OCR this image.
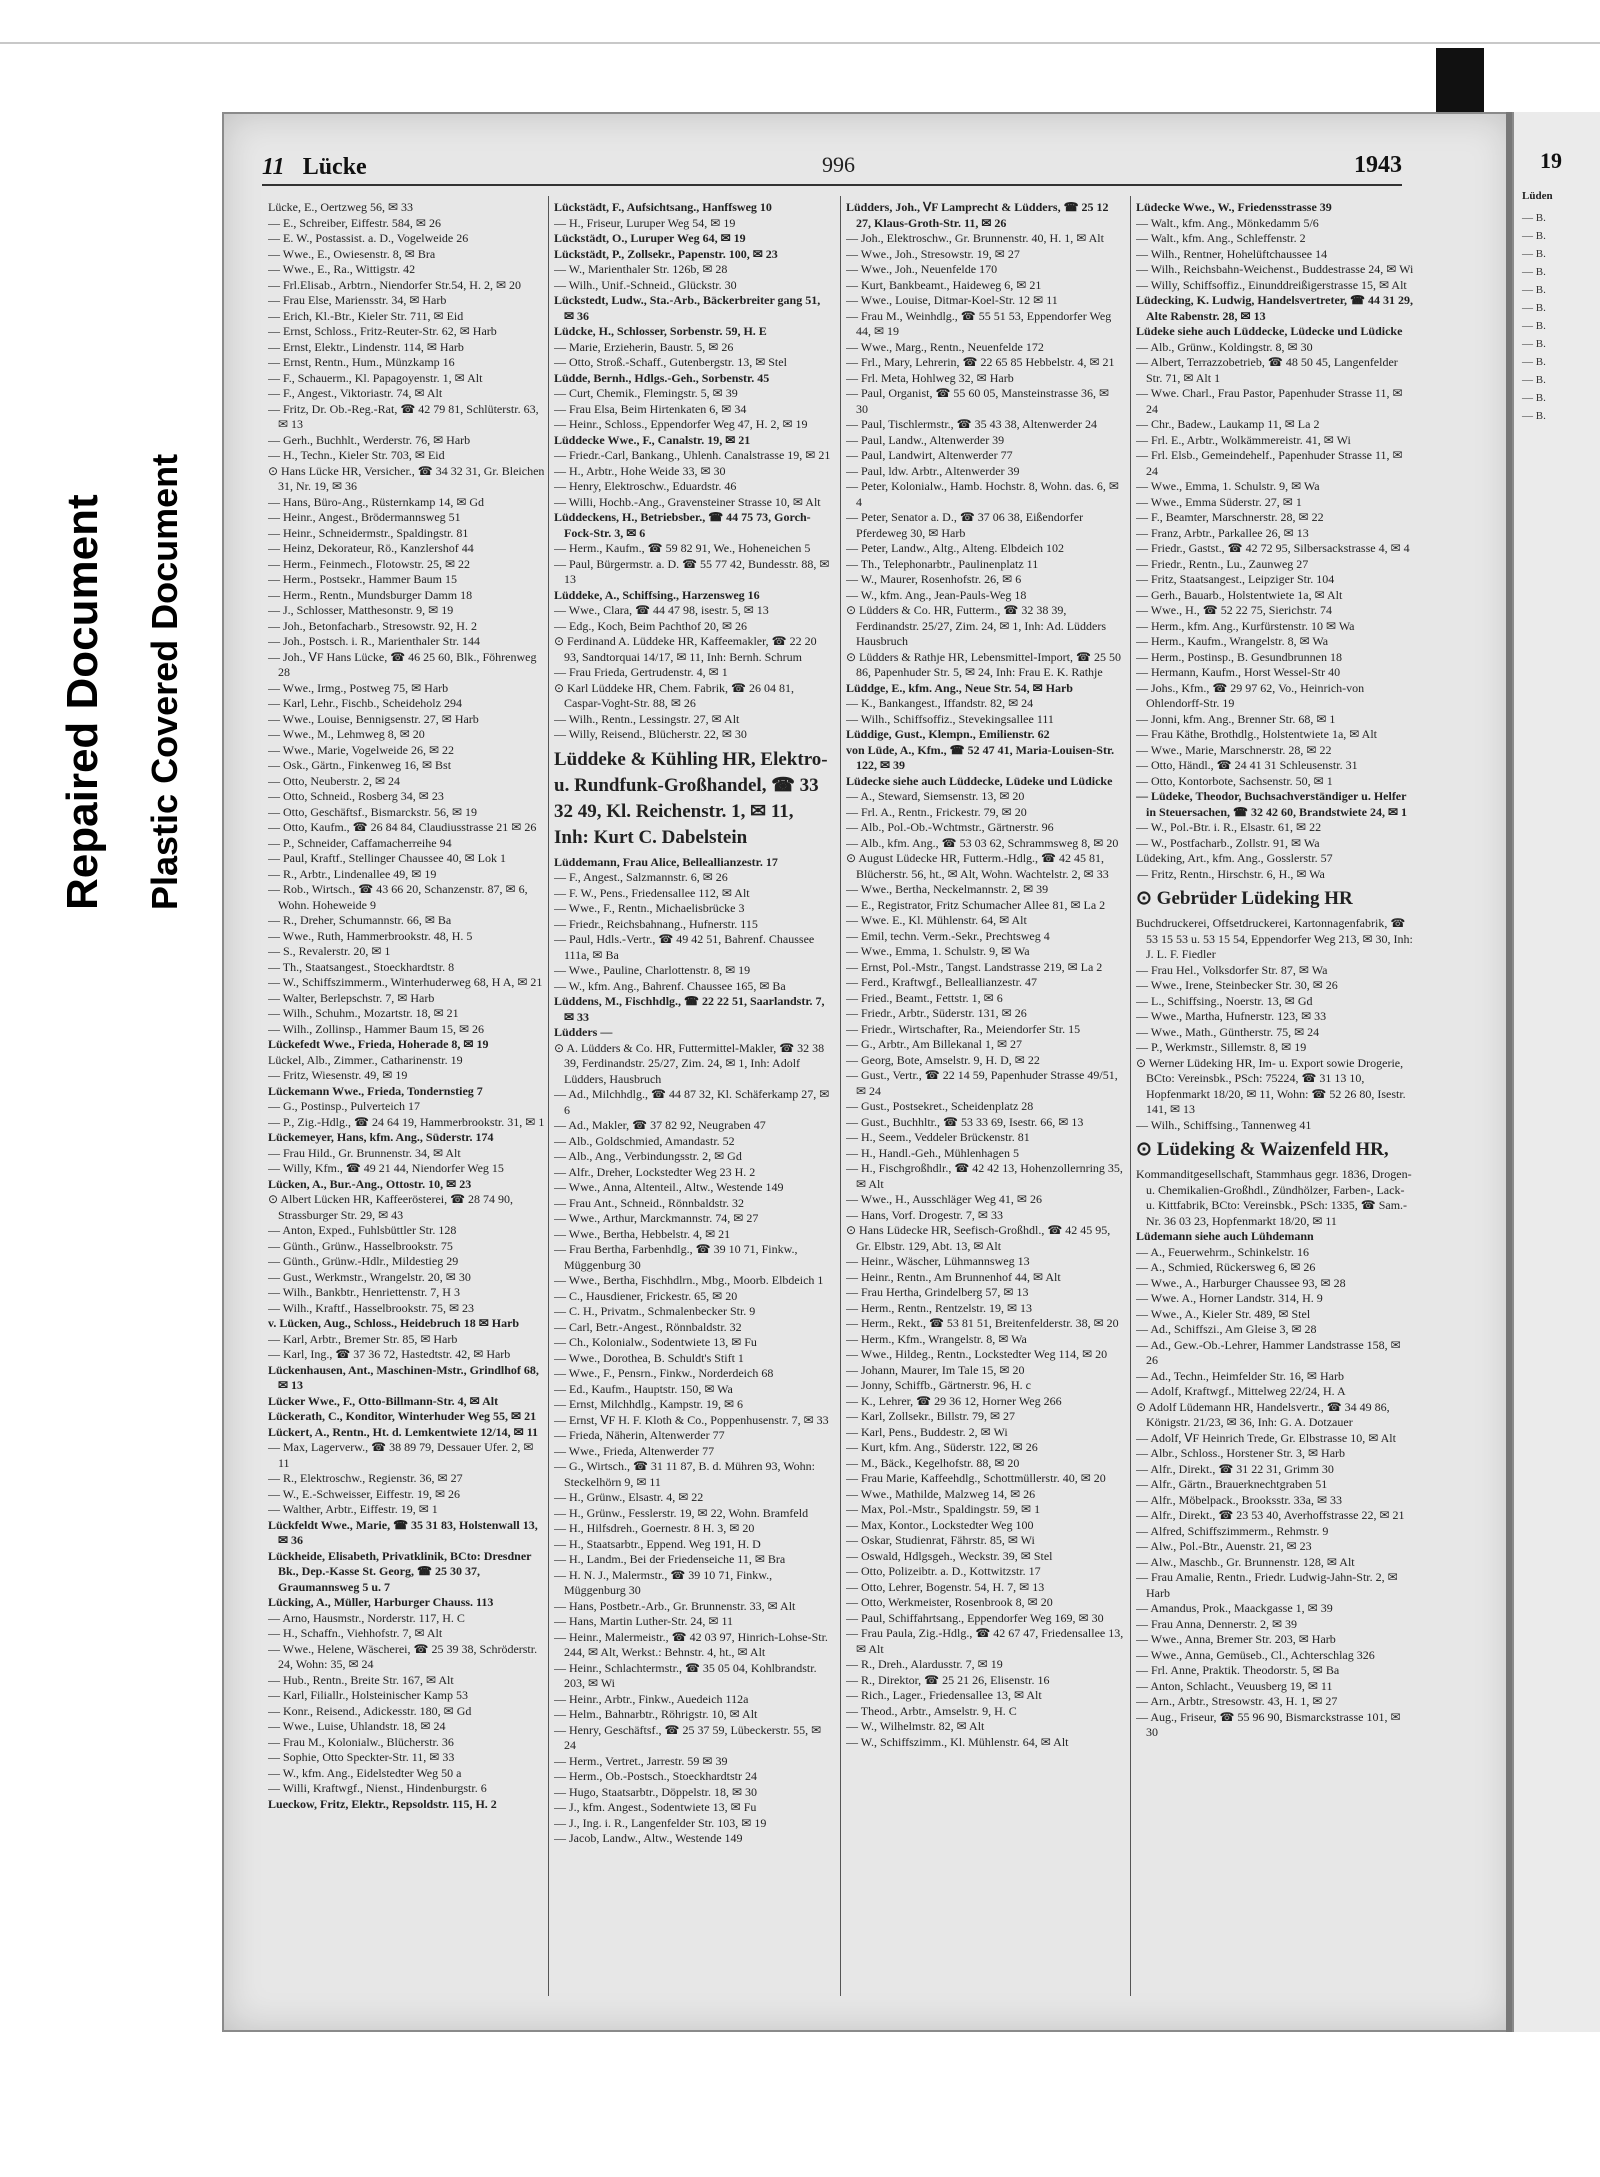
Repaired Document Plastic Covered Document
19
Lüden
— B.
— B.
— B.
— B.
— B.
— B.
— B.
— B.
— B.
— B.
— B.
— B.
11 Lücke	996	1943

Lücke, E., Oertzweg 56, ✉ 33

— E., Schreiber, Eiffestr. 584, ✉ 26

— E. W., Postassist. a. D., Vogelweide 26

— Wwe., E., Owiesenstr. 8, ✉ Bra

— Wwe., E., Ra., Wittigstr. 42

— Frl.Elisab., Arbtrn., Niendorfer Str.54, H. 2, ✉ 20

— Frau Else, Mariensstr. 34, ✉ Harb

— Erich, Kl.-Btr., Kieler Str. 711, ✉ Eid

— Ernst, Schloss., Fritz-Reuter-Str. 62, ✉ Harb

— Ernst, Elektr., Lindenstr. 114, ✉ Harb

— Ernst, Rentn., Hum., Münzkamp 16

— F., Schauerm., Kl. Papagoyenstr. 1, ✉ Alt

— F., Angest., Viktoriastr. 74, ✉ Alt

— Fritz, Dr. Ob.-Reg.-Rat, ☎ 42 79 81, Schlüterstr. 63, ✉ 13

— Gerh., Buchhlt., Werderstr. 76, ✉ Harb

— H., Techn., Kieler Str. 703, ✉ Eid

⊙ Hans Lücke HR, Versicher., ☎ 34 32 31, Gr. Bleichen 31, Nr. 19, ✉ 36

— Hans, Büro-Ang., Rüsternkamp 14, ✉ Gd

— Heinr., Angest., Brödermannsweg 51

— Heinr., Schneidermstr., Spaldingstr. 81

— Heinz, Dekorateur, Rö., Kanzlershof 44

— Herm., Feinmech., Flotowstr. 25, ✉ 22

— Herm., Postsekr., Hammer Baum 15

— Herm., Rentn., Mundsburger Damm 18

— J., Schlosser, Matthesonstr. 9, ✉ 19

— Joh., Betonfacharb., Stresowstr. 92, H. 2

— Joh., Postsch. i. R., Marienthaler Str. 144

— Joh., ⅤF Hans Lücke, ☎ 46 25 60, Blk., Föhrenweg 28

— Wwe., Irmg., Postweg 75, ✉ Harb

— Karl, Lehr., Fischb., Scheideholz 294

— Wwe., Louise, Bennigsenstr. 27, ✉ Harb

— Wwe., M., Lehmweg 8, ✉ 20

— Wwe., Marie, Vogelweide 26, ✉ 22

— Osk., Gärtn., Finkenweg 16, ✉ Bst

— Otto, Neuberstr. 2, ✉ 24

— Otto, Schneid., Rosberg 34, ✉ 23

— Otto, Geschäftsf., Bismarckstr. 56, ✉ 19

— Otto, Kaufm., ☎ 26 84 84, Claudiusstrasse 21 ✉ 26

— P., Schneider, Caffamacherreihe 94

— Paul, Kraftf., Stellinger Chaussee 40, ✉ Lok 1

— R., Arbtr., Lindenallee 49, ✉ 19

— Rob., Wirtsch., ☎ 43 66 20, Schanzenstr. 87, ✉ 6, Wohn. Hoheweide 9

— R., Dreher, Schumannstr. 66, ✉ Ba

— Wwe., Ruth, Hammerbrookstr. 48, H. 5

— S., Revalerstr. 20, ✉ 1

— Th., Staatsangest., Stoeckhardtstr. 8

— W., Schiffszimmerm., Winterhuderweg 68, H A, ✉ 21

— Walter, Berlepschstr. 7, ✉ Harb

— Wilh., Schuhm., Mozartstr. 18, ✉ 21

— Wilh., Zollinsp., Hammer Baum 15, ✉ 26

Lückefedt Wwe., Frieda, Hoherade 8, ✉ 19

Lückel, Alb., Zimmer., Catharinenstr. 19

— Fritz, Wiesenstr. 49, ✉ 19

Lückemann Wwe., Frieda, Tondernstieg 7

— G., Postinsp., Pulverteich 17

— P., Zig.-Hdlg., ☎ 24 64 19, Hammerbrookstr. 31, ✉ 1

Lückemeyer, Hans, kfm. Ang., Süderstr. 174

— Frau Hild., Gr. Brunnenstr. 34, ✉ Alt

— Willy, Kfm., ☎ 49 21 44, Niendorfer Weg 15

Lücken, A., Bur.-Ang., Ottostr. 10, ✉ 23

⊙ Albert Lücken HR, Kaffeerösterei, ☎ 28 74 90, Strassburger Str. 29, ✉ 43

— Anton, Exped., Fuhlsbüttler Str. 128

— Günth., Grünw., Hasselbrookstr. 75

— Günth., Grünw.-Hdlr., Mildestieg 29

— Gust., Werkmstr., Wrangelstr. 20, ✉ 30

— Wilh., Bankbtr., Henriettenstr. 7, H 3

— Wilh., Kraftf., Hasselbrookstr. 75, ✉ 23

v. Lücken, Aug., Schloss., Heidebruch 18 ✉ Harb

— Karl, Arbtr., Bremer Str. 85, ✉ Harb

— Karl, Ing., ☎ 37 36 72, Hastedtstr. 42, ✉ Harb

Lückenhausen, Ant., Maschinen-Mstr., Grindlhof 68, ✉ 13

Lücker Wwe., F., Otto-Billmann-Str. 4, ✉ Alt

Lückerath, C., Konditor, Winterhuder Weg 55, ✉ 21

Lückert, A., Rentn., Ht. d. Lemkentwiete 12/14, ✉ 11

— Max, Lagerverw., ☎ 38 89 79, Dessauer Ufer. 2, ✉ 11

— R., Elektroschw., Regienstr. 36, ✉ 27

— W., E.-Schweisser, Eiffestr. 19, ✉ 26

— Walther, Arbtr., Eiffestr. 19, ✉ 1

Lückfeldt Wwe., Marie, ☎ 35 31 83, Holstenwall 13, ✉ 36

Lückheide, Elisabeth, Privatklinik, BCto: Dresdner Bk., Dep.-Kasse St. Georg, ☎ 25 30 37, Graumannsweg 5 u. 7

Lücking, A., Müller, Harburger Chauss. 113

— Arno, Hausmstr., Norderstr. 117, H. C

— H., Schaffn., Viehhofstr. 7, ✉ Alt

— Wwe., Helene, Wäscherei, ☎ 25 39 38, Schröderstr. 24, Wohn: 35, ✉ 24

— Hub., Rentn., Breite Str. 167, ✉ Alt

— Karl, Filiallr., Holsteinischer Kamp 53

— Konr., Reisend., Adickesstr. 180, ✉ Gd

— Wwe., Luise, Uhlandstr. 18, ✉ 24

— Frau M., Kolonialw., Blücherstr. 36

— Sophie, Otto Speckter-Str. 11, ✉ 33

— W., kfm. Ang., Eidelstedter Weg 50 a

— Willi, Kraftwgf., Nienst., Hindenburgstr. 6

Lueckow, Fritz, Elektr., Repsoldstr. 115, H. 2

Lückstädt, F., Aufsichtsang., Hanffsweg 10

— H., Friseur, Luruper Weg 54, ✉ 19

Lückstädt, O., Luruper Weg 64, ✉ 19

Lückstädt, P., Zollsekr., Papenstr. 100, ✉ 23

— W., Marienthaler Str. 126b, ✉ 28

— Wilh., Unif.-Schneid., Glückstr. 30

Lückstedt, Ludw., Sta.-Arb., Bäckerbreiter gang 51, ✉ 36

Lüdcke, H., Schlosser, Sorbenstr. 59, H. E

— Marie, Erzieherin, Baustr. 5, ✉ 26

— Otto, Stroß.-Schaff., Gutenbergstr. 13, ✉ Stel

Lüdde, Bernh., Hdlgs.-Geh., Sorbenstr. 45

— Curt, Chemik., Flemingstr. 5, ✉ 39

— Frau Elsa, Beim Hirtenkaten 6, ✉ 34

— Heinr., Schloss., Eppendorfer Weg 47, H. 2, ✉ 19

Lüddecke Wwe., F., Canalstr. 19, ✉ 21

— Friedr.-Carl, Bankang., Uhlenh. Canalstrasse 19, ✉ 21

— H., Arbtr., Hohe Weide 33, ✉ 30

— Henry, Elektroschw., Eduardstr. 46

— Willi, Hochb.-Ang., Gravensteiner Strasse 10, ✉ Alt

Lüddeckens, H., Betriebsber., ☎ 44 75 73, Gorch-Fock-Str. 3, ✉ 6

— Herm., Kaufm., ☎ 59 82 91, We., Hoheneichen 5

— Paul, Bürgermstr. a. D. ☎ 55 77 42, Bundesstr. 88, ✉ 13

Lüddeke, A., Schiffsing., Harzensweg 16

— Wwe., Clara, ☎ 44 47 98, isestr. 5, ✉ 13

— Edg., Koch, Beim Pachthof 20, ✉ 26

⊙ Ferdinand A. Lüddeke HR, Kaffeemakler, ☎ 22 20 93, Sandtorquai 14/17, ✉ 11, Inh: Bernh. Schrum

— Frau Frieda, Gertrudenstr. 4, ✉ 1

⊙ Karl Lüddeke HR, Chem. Fabrik, ☎ 26 04 81, Caspar-Voght-Str. 88, ✉ 26

— Wilh., Rentn., Lessingstr. 27, ✉ Alt

— Willy, Reisend., Blücherstr. 22, ✉ 30

Lüddeke & Kühling HR, Elektro- u. Rundfunk-Großhandel, ☎ 33 32 49, Kl. Reichenstr. 1, ✉ 11, Inh: Kurt C. Dabelstein

Lüddemann, Frau Alice, Belleallianzestr. 17

— F., Angest., Salzmannstr. 6, ✉ 26

— F. W., Pens., Friedensallee 112, ✉ Alt

— Wwe., F., Rentn., Michaelisbrücke 3

— Friedr., Reichsbahnang., Hufnerstr. 115

— Paul, Hdls.-Vertr., ☎ 49 42 51, Bahrenf. Chaussee 111a, ✉ Ba

— Wwe., Pauline, Charlottenstr. 8, ✉ 19

— W., kfm. Ang., Bahrenf. Chaussee 165, ✉ Ba

Lüddens, M., Fischhdlg., ☎ 22 22 51, Saarlandstr. 7, ✉ 33

Lüdders —

⊙ A. Lüdders & Co. HR, Futtermittel-Makler, ☎ 32 38 39, Ferdinandstr. 25/27, Zim. 24, ✉ 1, Inh: Adolf Lüdders, Hausbruch

— Ad., Milchhdlg., ☎ 44 87 32, Kl. Schäferkamp 27, ✉ 6

— Ad., Makler, ☎ 37 82 92, Neugraben 47

— Alb., Goldschmied, Amandastr. 52

— Alb., Ang., Verbindungsstr. 2, ✉ Gd

— Alfr., Dreher, Lockstedter Weg 23 H. 2

— Wwe., Anna, Altenteil., Altw., Westende 149

— Frau Ant., Schneid., Rönnbaldstr. 32

— Wwe., Arthur, Marckmannstr. 74, ✉ 27

— Wwe., Bertha, Hebbelstr. 4, ✉ 21

— Frau Bertha, Farbenhdlg., ☎ 39 10 71, Finkw., Müggenburg 30

— Wwe., Bertha, Fischhdlrn., Mbg., Moorb. Elbdeich 1

— C., Hausdiener, Frickestr. 65, ✉ 20

— C. H., Privatm., Schmalenbecker Str. 9

— Carl, Betr.-Angest., Rönnbaldstr. 32

— Ch., Kolonialw., Sodentwiete 13, ✉ Fu

— Wwe., Dorothea, B. Schuldt's Stift 1

— Wwe., F., Pensrn., Finkw., Norderdeich 68

— Ed., Kaufm., Hauptstr. 150, ✉ Wa

— Ernst, Milchhdlg., Kampstr. 19, ✉ 6

— Ernst, ⅤF H. F. Kloth & Co., Poppenhusenstr. 7, ✉ 33

— Frieda, Näherin, Altenwerder 77

— Wwe., Frieda, Altenwerder 77

— G., Wirtsch., ☎ 31 11 87, B. d. Mühren 93, Wohn: Steckelhörn 9, ✉ 11

— H., Grünw., Elsastr. 4, ✉ 22

— H., Grünw., Fesslerstr. 19, ✉ 22, Wohn. Bramfeld

— H., Hilfsdreh., Goernestr. 8 H. 3, ✉ 20

— H., Staatsarbtr., Eppend. Weg 191, H. D

— H., Landm., Bei der Friedenseiche 11, ✉ Bra

— H. N. J., Malermstr., ☎ 39 10 71, Finkw., Müggenburg 30

— Hans, Postbetr.-Arb., Gr. Brunnenstr. 33, ✉ Alt

— Hans, Martin Luther-Str. 24, ✉ 11

— Heinr., Malermeistr., ☎ 42 03 97, Hinrich-Lohse-Str. 244, ✉ Alt, Werkst.: Behnstr. 4, ht., ✉ Alt

— Heinr., Schlachtermstr., ☎ 35 05 04, Kohlbrandstr. 203, ✉ Wi

— Heinr., Arbtr., Finkw., Auedeich 112a

— Helm., Bahnarbtr., Röhrigstr. 10, ✉ Alt

— Henry, Geschäftsf., ☎ 25 37 59, Lübeckerstr. 55, ✉ 24

— Herm., Vertret., Jarrestr. 59 ✉ 39

— Herm., Ob.-Postsch., Stoeckhardtstr 24

— Hugo, Staatsarbtr., Döppelstr. 18, ✉ 30

— J., kfm. Angest., Sodentwiete 13, ✉ Fu

— J., Ing. i. R., Langenfelder Str. 103, ✉ 19

— Jacob, Landw., Altw., Westende 149

Lüdders, Joh., ⅤF Lamprecht & Lüdders, ☎ 25 12 27, Klaus-Groth-Str. 11, ✉ 26

— Joh., Elektroschw., Gr. Brunnenstr. 40, H. 1, ✉ Alt

— Wwe., Joh., Stresowstr. 19, ✉ 27

— Wwe., Joh., Neuenfelde 170

— Kurt, Bankbeamt., Haideweg 6, ✉ 21

— Wwe., Louise, Ditmar-Koel-Str. 12 ✉ 11

— Frau M., Weinhdlg., ☎ 55 51 53, Eppendorfer Weg 44, ✉ 19

— Wwe., Marg., Rentn., Neuenfelde 172

— Frl., Mary, Lehrerin, ☎ 22 65 85 Hebbelstr. 4, ✉ 21

— Frl. Meta, Hohlweg 32, ✉ Harb

— Paul, Organist, ☎ 55 60 05, Mansteinstrasse 36, ✉ 30

— Paul, Tischlermstr., ☎ 35 43 38, Altenwerder 24

— Paul, Landw., Altenwerder 39

— Paul, Landwirt, Altenwerder 77

— Paul, ldw. Arbtr., Altenwerder 39

— Peter, Kolonialw., Hamb. Hochstr. 8, Wohn. das. 6, ✉ 4

— Peter, Senator a. D., ☎ 37 06 38, Eißendorfer Pferdeweg 30, ✉ Harb

— Peter, Landw., Altg., Alteng. Elbdeich 102

— Th., Telephonarbtr., Paulinenplatz 11

— W., Maurer, Rosenhofstr. 26, ✉ 6

— W., kfm. Ang., Jean-Pauls-Weg 18

⊙ Lüdders & Co. HR, Futterm., ☎ 32 38 39, Ferdinandstr. 25/27, Zim. 24, ✉ 1, Inh: Ad. Lüdders Hausbruch

⊙ Lüdders & Rathje HR, Lebensmittel-Import, ☎ 25 50 86, Papenhuder Str. 5, ✉ 24, Inh: Frau E. K. Rathje

Lüddge, E., kfm. Ang., Neue Str. 54, ✉ Harb

— K., Bankangest., Iffandstr. 82, ✉ 24

— Wilh., Schiffsoffiz., Stevekingsallee 111

Lüddige, Gust., Klempn., Emilienstr. 62

von Lüde, A., Kfm., ☎ 52 47 41, Maria-Louisen-Str. 122, ✉ 39

Lüdecke siehe auch Lüddecke, Lüdeke und Lüdicke

— A., Steward, Siemsenstr. 13, ✉ 20

— Frl. A., Rentn., Frickestr. 79, ✉ 20

— Alb., Pol.-Ob.-Wchtmstr., Gärtnerstr. 96

— Alb., kfm. Ang., ☎ 53 03 62, Schrammsweg 8, ✉ 20

⊙ August Lüdecke HR, Futterm.-Hdlg., ☎ 42 45 81, Blücherstr. 56, ht., ✉ Alt, Wohn. Wachtelstr. 2, ✉ 33

— Wwe., Bertha, Neckelmannstr. 2, ✉ 39

— E., Registrator, Fritz Schumacher Allee 81, ✉ La 2

— Wwe. E., Kl. Mühlenstr. 64, ✉ Alt

— Emil, techn. Verm.-Sekr., Prechtsweg 4

— Wwe., Emma, 1. Schulstr. 9, ✉ Wa

— Ernst, Pol.-Mstr., Tangst. Landstrasse 219, ✉ La 2

— Ferd., Kraftwgf., Belleallianzestr. 47

— Fried., Beamt., Fettstr. 1, ✉ 6

— Friedr., Arbtr., Süderstr. 131, ✉ 26

— Friedr., Wirtschafter, Ra., Meiendorfer Str. 15

— G., Arbtr., Am Billekanal 1, ✉ 27

— Georg, Bote, Amselstr. 9, H. D, ✉ 22

— Gust., Vertr., ☎ 22 14 59, Papenhuder Strasse 49/51, ✉ 24

— Gust., Postsekret., Scheidenplatz 28

— Gust., Buchhltr., ☎ 53 33 69, Isestr. 66, ✉ 13

— H., Seem., Veddeler Brückenstr. 81

— H., Handl.-Geh., Mühlenhagen 5

— H., Fischgroßhdlr., ☎ 42 42 13, Hohenzollernring 35, ✉ Alt

— Wwe., H., Ausschläger Weg 41, ✉ 26

— Hans, Vorf. Drogestr. 7, ✉ 33

⊙ Hans Lüdecke HR, Seefisch-Großhdl., ☎ 42 45 95, Gr. Elbstr. 129, Abt. 13, ✉ Alt

— Heinr., Wäscher, Lühmannsweg 13

— Heinr., Rentn., Am Brunnenhof 44, ✉ Alt

— Frau Hertha, Grindelberg 57, ✉ 13

— Herm., Rentn., Rentzelstr. 19, ✉ 13

— Herm., Rekt., ☎ 53 81 51, Breitenfelderstr. 38, ✉ 20

— Herm., Kfm., Wrangelstr. 8, ✉ Wa

— Wwe., Hildeg., Rentn., Lockstedter Weg 114, ✉ 20

— Johann, Maurer, Im Tale 15, ✉ 20

— Jonny, Schiffb., Gärtnerstr. 96, H. c

— K., Lehrer, ☎ 29 36 12, Horner Weg 266

— Karl, Zollsekr., Billstr. 79, ✉ 27

— Karl, Pens., Buddestr. 2, ✉ Wi

— Kurt, kfm. Ang., Süderstr. 122, ✉ 26

— M., Bäck., Kegelhofstr. 88, ✉ 20

— Frau Marie, Kaffeehdlg., Schottmüllerstr. 40, ✉ 20

— Wwe., Mathilde, Malzweg 14, ✉ 26

— Max, Pol.-Mstr., Spaldingstr. 59, ✉ 1

— Max, Kontor., Lockstedter Weg 100

— Oskar, Studienrat, Fährstr. 85, ✉ Wi

— Oswald, Hdlgsgeh., Weckstr. 39, ✉ Stel

— Otto, Polizeibtr. a. D., Kottwitzstr. 17

— Otto, Lehrer, Bogenstr. 54, H. 7, ✉ 13

— Otto, Werkmeister, Rosenbrook 8, ✉ 20

— Paul, Schiffahrtsang., Eppendorfer Weg 169, ✉ 30

— Frau Paula, Zig.-Hdlg., ☎ 42 67 47, Friedensallee 13, ✉ Alt

— R., Dreh., Alardusstr. 7, ✉ 19

— R., Direktor, ☎ 25 21 26, Elisenstr. 16

— Rich., Lager., Friedensallee 13, ✉ Alt

— Theod., Arbtr., Amselstr. 9, H. C

— W., Wilhelmstr. 82, ✉ Alt

— W., Schiffszimm., Kl. Mühlenstr. 64, ✉ Alt

Lüdecke Wwe., W., Friedensstrasse 39

— Walt., kfm. Ang., Mönkedamm 5/6

— Walt., kfm. Ang., Schleffenstr. 2

— Wilh., Rentner, Hohelüftchaussee 14

— Wilh., Reichsbahn-Weichenst., Buddestrasse 24, ✉ Wi

— Willy, Schiffsoffiz., Einunddreißigerstrasse 15, ✉ Alt

Lüdecking, K. Ludwig, Handelsvertreter, ☎ 44 31 29, Alte Rabenstr. 28, ✉ 13

Lüdeke siehe auch Lüddecke, Lüdecke und Lüdicke

— Alb., Grünw., Koldingstr. 8, ✉ 30

— Albert, Terrazzobetrieb, ☎ 48 50 45, Langenfelder Str. 71, ✉ Alt 1

— Wwe. Charl., Frau Pastor, Papenhuder Strasse 11, ✉ 24

— Chr., Badew., Laukamp 11, ✉ La 2

— Frl. E., Arbtr., Wolkämmereistr. 41, ✉ Wi

— Frl. Elsb., Gemeindehelf., Papenhuder Strasse 11, ✉ 24

— Wwe., Emma, 1. Schulstr. 9, ✉ Wa

— Wwe., Emma Süderstr. 27, ✉ 1

— F., Beamter, Marschnerstr. 28, ✉ 22

— Franz, Arbtr., Parkallee 26, ✉ 13

— Friedr., Gastst., ☎ 42 72 95, Silbersackstrasse 4, ✉ 4

— Friedr., Rentn., Lu., Zaunweg 27

— Fritz, Staatsangest., Leipziger Str. 104

— Gerh., Bauarb., Holstentwiete 1a, ✉ Alt

— Wwe., H., ☎ 52 22 75, Sierichstr. 74

— Herm., kfm. Ang., Kurfürstenstr. 10 ✉ Wa

— Herm., Kaufm., Wrangelstr. 8, ✉ Wa

— Herm., Postinsp., B. Gesundbrunnen 18

— Hermann, Kaufm., Horst Wessel-Str 40

— Johs., Kfm., ☎ 29 97 62, Vo., Heinrich-von Ohlendorff-Str. 19

— Jonni, kfm. Ang., Brenner Str. 68, ✉ 1

— Frau Käthe, Brothdlg., Holstentwiete 1a, ✉ Alt

— Wwe., Marie, Marschnerstr. 28, ✉ 22

— Otto, Händl., ☎ 24 41 31 Schleusenstr. 31

— Otto, Kontorbote, Sachsenstr. 50, ✉ 1

— Lüdeke, Theodor, Buchsachverständiger u. Helfer in Steuersachen, ☎ 32 42 60, Brandstwiete 24, ✉ 1

— W., Pol.-Btr. i. R., Elsastr. 61, ✉ 22

— W., Postfacharb., Zollstr. 91, ✉ Wa

Lüdeking, Art., kfm. Ang., Gosslerstr. 57

— Fritz, Rentn., Hirschstr. 6, H., ✉ Wa

⊙ Gebrüder Lüdeking HR

Buchdruckerei, Offsetdruckerei, Kartonnagenfabrik, ☎ 53 15 53 u. 53 15 54, Eppendorfer Weg 213, ✉ 30, Inh: J. L. F. Fiedler

— Frau Hel., Volksdorfer Str. 87, ✉ Wa

— Wwe., Irene, Steinbecker Str. 30, ✉ 26

— L., Schiffsing., Noerstr. 13, ✉ Gd

— Wwe., Martha, Hufnerstr. 123, ✉ 33

— Wwe., Math., Güntherstr. 75, ✉ 24

— P., Werkmstr., Sillemstr. 8, ✉ 19

⊙ Werner Lüdeking HR, Im- u. Export sowie Drogerie, BCto: Vereinsbk., PSch: 75224, ☎ 31 13 10, Hopfenmarkt 18/20, ✉ 11, Wohn: ☎ 52 26 80, Isestr. 141, ✉ 13

— Wilh., Schiffsing., Tannenweg 41

⊙ Lüdeking & Waizenfeld HR,

Kommanditgesellschaft, Stammhaus gegr. 1836, Drogen- u. Chemikalien-Großhdl., Zündhölzer, Farben-, Lack- u. Kittfabrik, BCto: Vereinsbk., PSch: 1335, ☎ Sam.-Nr. 36 03 23, Hopfenmarkt 18/20, ✉ 11

Lüdemann siehe auch Lühdemann

— A., Feuerwehrm., Schinkelstr. 16

— A., Schmied, Rückersweg 6, ✉ 26

— Wwe., A., Harburger Chaussee 93, ✉ 28

— Wwe. A., Horner Landstr. 314, H. 9

— Wwe., A., Kieler Str. 489, ✉ Stel

— Ad., Schiffszi., Am Gleise 3, ✉ 28

— Ad., Gew.-Ob.-Lehrer, Hammer Landstrasse 158, ✉ 26

— Ad., Techn., Heimfelder Str. 16, ✉ Harb

— Adolf, Kraftwgf., Mittelweg 22/24, H. A

⊙ Adolf Lüdemann HR, Handelsvertr., ☎ 34 49 86, Königstr. 21/23, ✉ 36, Inh: G. A. Dotzauer

— Adolf, ⅤF Heinrich Trede, Gr. Elbstrasse 10, ✉ Alt

— Albr., Schloss., Horstener Str. 3, ✉ Harb

— Alfr., Direkt., ☎ 31 22 31, Grimm 30

— Alfr., Gärtn., Brauerknechtgraben 51

— Alfr., Möbelpack., Brooksstr. 33a, ✉ 33

— Alfr., Direkt., ☎ 23 53 40, Averhoffstrasse 22, ✉ 21

— Alfred, Schiffszimmerm., Rehmstr. 9

— Alw., Pol.-Btr., Auenstr. 21, ✉ 23

— Alw., Maschb., Gr. Brunnenstr. 128, ✉ Alt

— Frau Amalie, Rentn., Friedr. Ludwig-Jahn-Str. 2, ✉ Harb

— Amandus, Prok., Maackgasse 1, ✉ 39

— Frau Anna, Dennerstr. 2, ✉ 39

— Wwe., Anna, Bremer Str. 203, ✉ Harb

— Wwe., Anna, Gemüseb., Cl., Achterschlag 326

— Frl. Anne, Praktik. Theodorstr. 5, ✉ Ba

— Anton, Schlacht., Veuusberg 19, ✉ 11

— Arn., Arbtr., Stresowstr. 43, H. 1, ✉ 27

— Aug., Friseur, ☎ 55 96 90, Bismarckstrasse 101, ✉ 30
